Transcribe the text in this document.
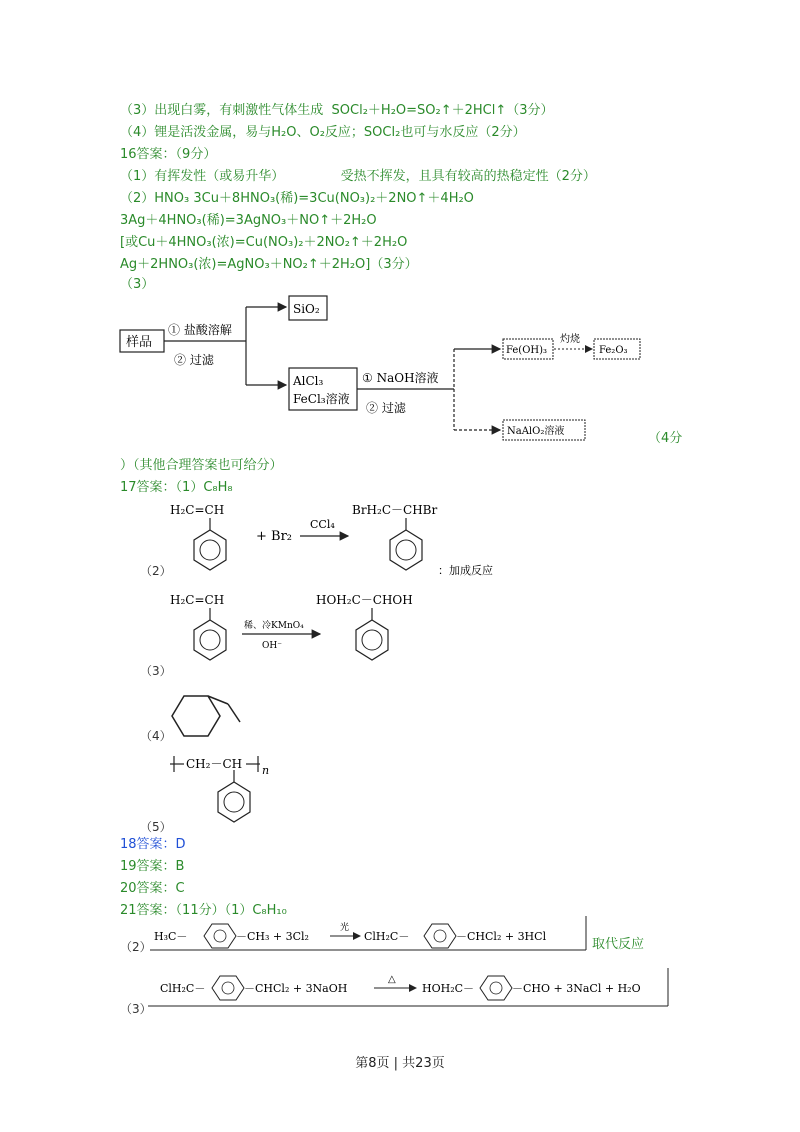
（3）出现白雾，有刺激性气体生成 SOCl₂＋H₂O=SO₂↑＋2HCl↑（3分）
（4）锂是活泼金属，易与H₂O、O₂反应；SOCl₂也可与水反应（2分）
16答案：（9分）
（1）有挥发性（或易升华）	受热不挥发，且具有较高的热稳定性（2分）
（2）HNO₃ 3Cu＋8HNO₃(稀)=3Cu(NO₃)₂＋2NO↑＋4H₂O
3Ag＋4HNO₃(稀)=3AgNO₃＋NO↑＋2H₂O
[或Cu＋4HNO₃(浓)=Cu(NO₃)₂＋2NO₂↑＋2H₂O
Ag＋2HNO₃(浓)=AgNO₃＋NO₂↑＋2H₂O]（3分）
（3）
样品
① 盐酸溶解
② 过滤
SiO₂
AlCl₃
FeCl₃溶液
① NaOH溶液
② 过滤
Fe(OH)₃
灼烧
Fe₂O₃
NaAlO₂溶液	（4分
）（其他合理答案也可给分）
17答案：（1）C₈H₈
（2）
H₂C=CH
+ Br₂
CCl₄
BrH₂C－CHBr
：加成反应
（3）
H₂C=CH
稀、冷KMnO₄
OH⁻
HOH₂C－CHOH
（4）
（5）
CH₂－CH n
18答案：D
19答案：B
20答案：C
21答案：（11分）（1）C₈H₁₀
（2）
H₃C－	－CH₃ + 3Cl₂
光
ClH₂C－	－CHCl₂ + 3HCl
取代反应
（3）
ClH₂C－	－CHCl₂ + 3NaOH
△
HOH₂C－	－CHO + 3NaCl + H₂O
第8页 | 共23页
